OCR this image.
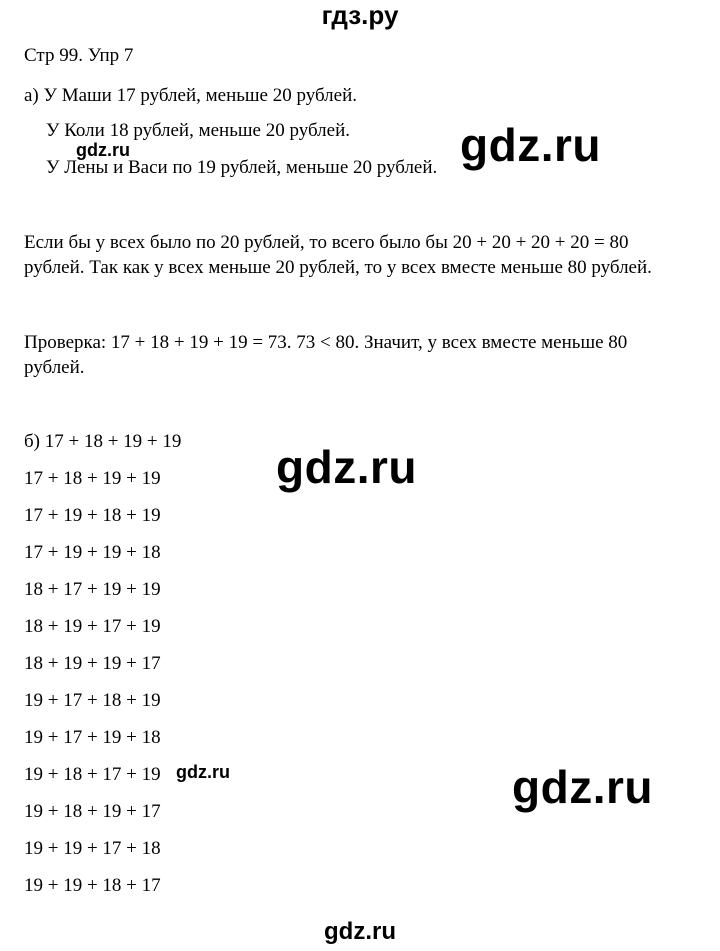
гдз.ру
Стр 99. Упр 7
а) У Маши 17 рублей, меньше 20 рублей.
У Коли 18 рублей, меньше 20 рублей.
У Лены и Васи по 19 рублей, меньше 20 рублей. gdz.ru
gdz.ru
Если бы у всех было по 20 рублей, то всего было бы 20 + 20 + 20 + 20 = 80
рублей. Так как у всех меньше 20 рублей, то у всех вместе меньше 80 рублей.
Проверка: 17 + 18 + 19 + 19 = 73. 73 < 80. Значит, у всех вместе меньше 80
рублей.
б) 17 + 18 + 19 + 19
17 + 18 + 19 + 19
17 + 19 + 18 + 19
17 + 19 + 19 + 18
18 + 17 + 19 + 19
18 + 19 + 17 + 19
18 + 19 + 19 + 17
19 + 17 + 18 + 19
19 + 17 + 19 + 18
19 + 18 + 17 + 19
19 + 18 + 19 + 17
19 + 19 + 17 + 18
19 + 19 + 18 + 17
gdz.ru
gdz.ru	gdz.ru
gdz.ru
